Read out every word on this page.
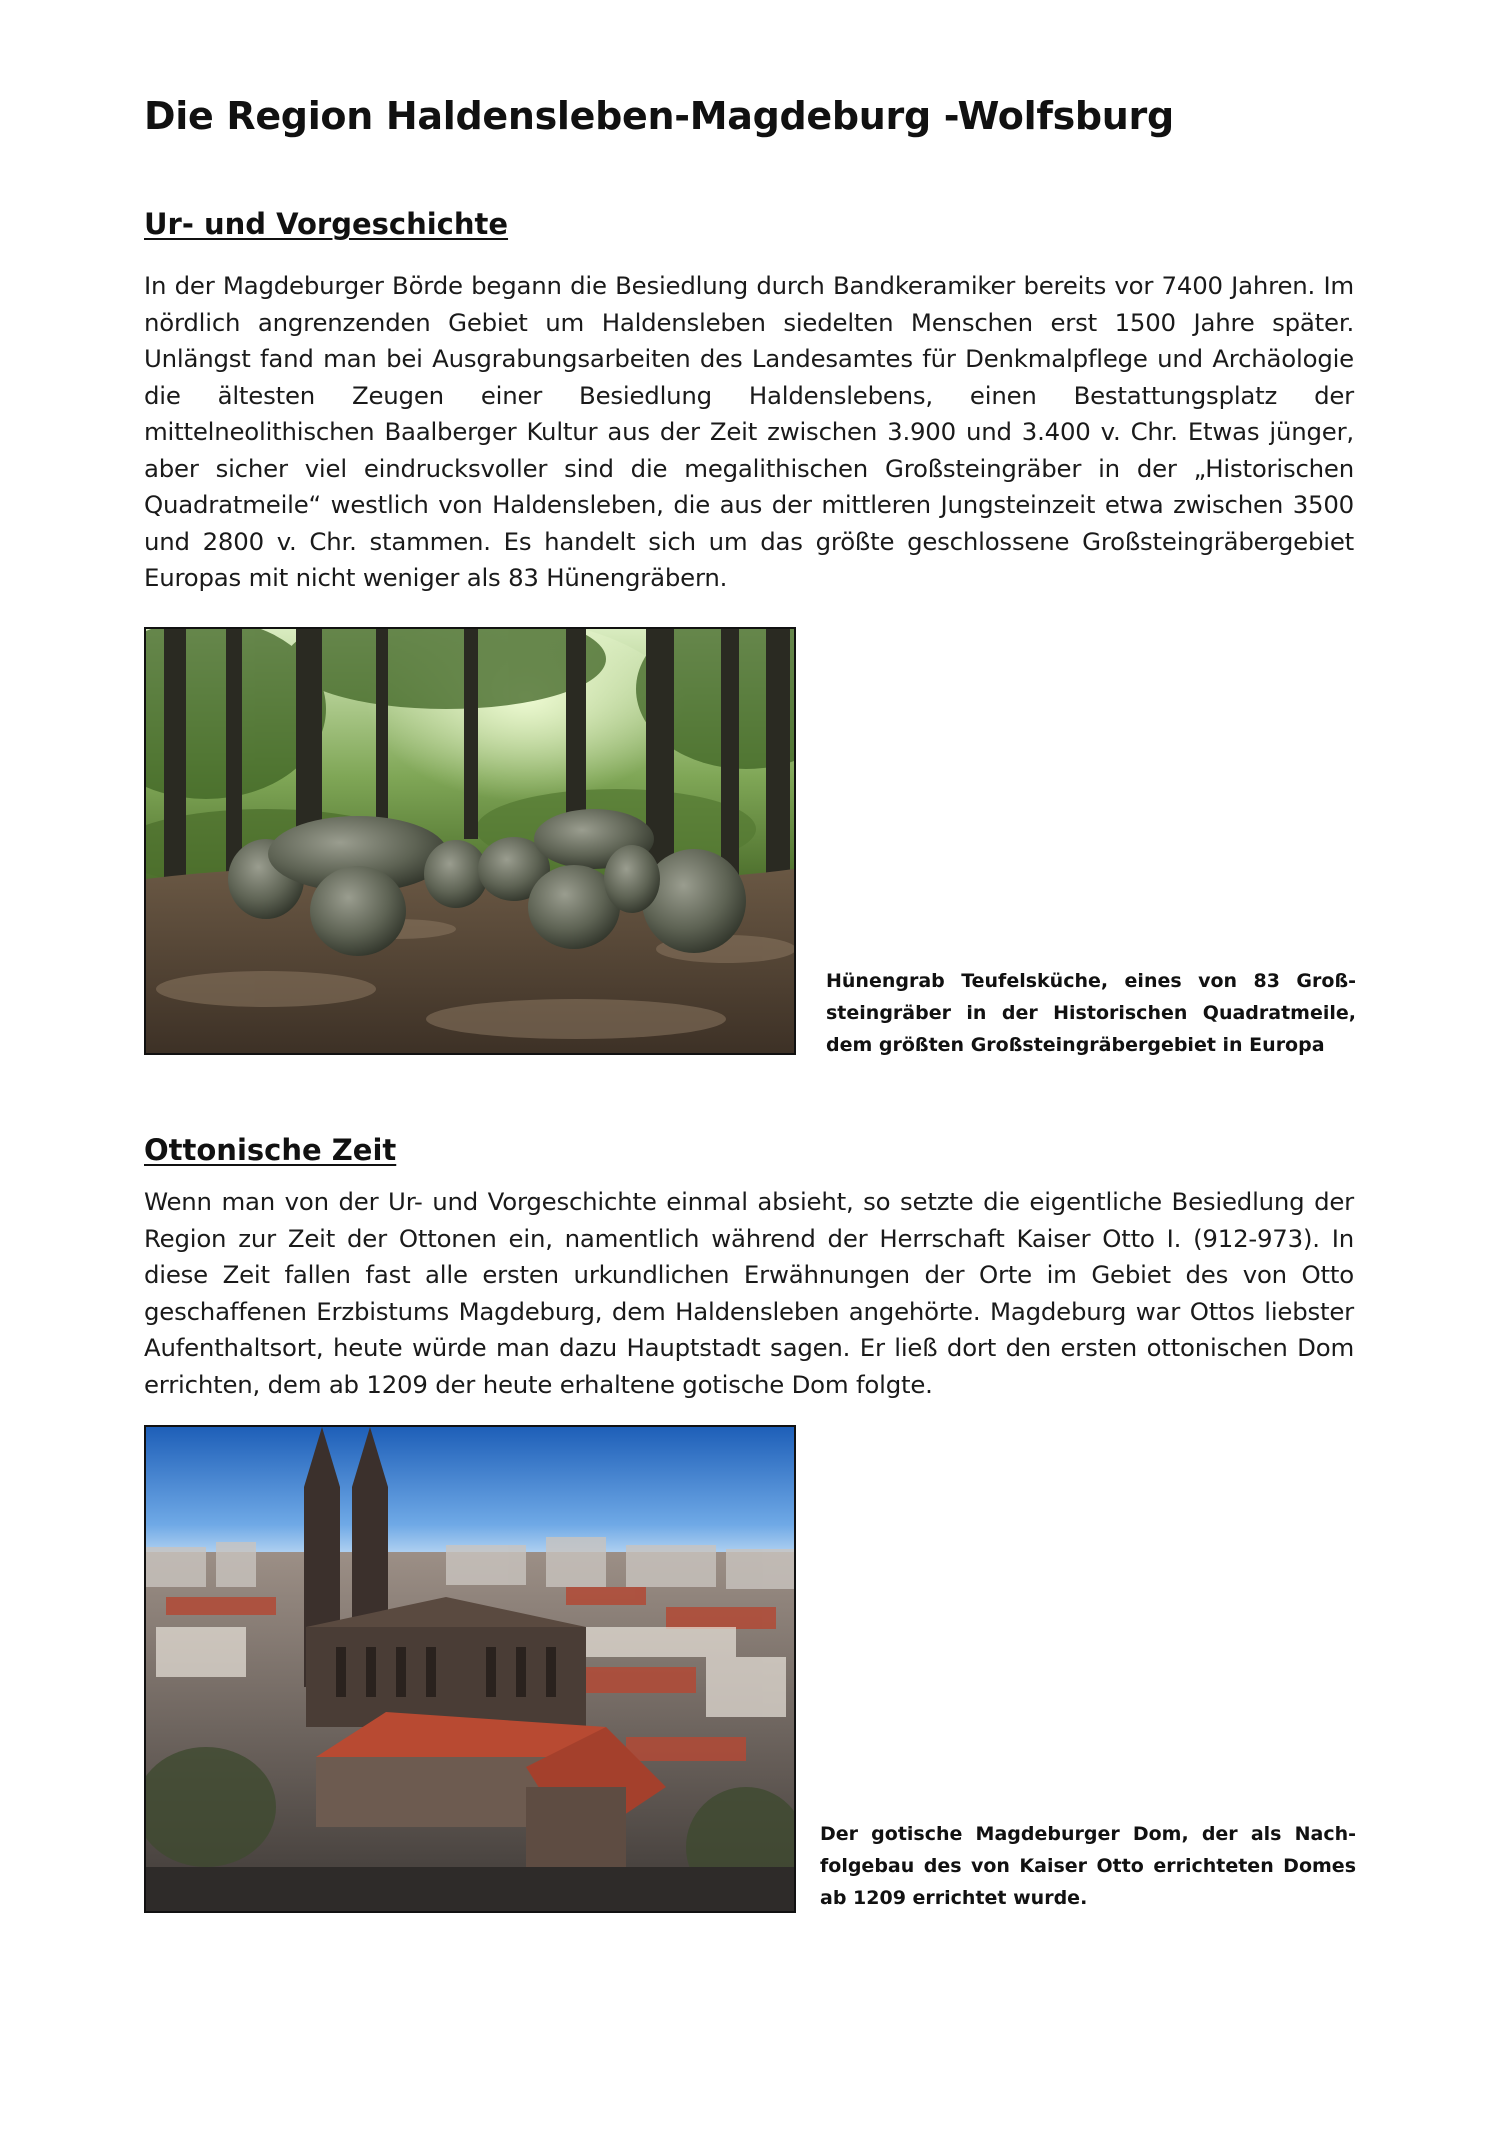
Die Region Haldensleben-Magdeburg -Wolfsburg
Ur- und Vorgeschichte

In der Magdeburger Börde begann die Besiedlung durch Bandkeramiker bereits vor 7400 Jahren. Im nördlich angrenzenden Gebiet um Haldensleben siedelten Menschen erst 1500 Jahre später. Unlängst fand man bei Ausgrabungsarbeiten des Landesamtes für Denkmalpflege und Archäologie die ältesten Zeugen einer Besiedlung Haldenslebens, einen Bestattungsplatz der mittelneolithischen Baalberger Kultur aus der Zeit zwischen 3.900 und 3.400 v. Chr. Etwas jünger, aber sicher viel eindrucksvoller sind die megalithischen Großsteingräber in der „Historischen Quadratmeile“ westlich von Haldensleben, die aus der mittleren Jungsteinzeit etwa zwischen 3500 und 2800 v. Chr. stammen. Es handelt sich um das größte geschlossene Großsteingräbergebiet Europas mit nicht weniger als 83 Hünengräbern.

Hünengrab Teufelsküche, eines von 83 Groß-steingräber in der Historischen Quadratmeile, dem größten Großsteingräbergebiet in Europa

Ottonische Zeit

Wenn man von der Ur- und Vorgeschichte einmal absieht, so setzte die eigentliche Besiedlung der Region zur Zeit der Ottonen ein, namentlich während der Herrschaft Kaiser Otto I. (912-973). In diese Zeit fallen fast alle ersten urkundlichen Erwähnungen der Orte im Gebiet des von Otto geschaffenen Erzbistums Magdeburg, dem Haldensleben angehörte. Magdeburg war Ottos liebster Aufenthaltsort, heute würde man dazu Hauptstadt sagen. Er ließ dort den ersten ottonischen Dom errichten, dem ab 1209 der heute erhaltene gotische Dom folgte.

Der gotische Magdeburger Dom, der als Nach-folgebau des von Kaiser Otto errichteten Domes ab 1209 errichtet wurde.
